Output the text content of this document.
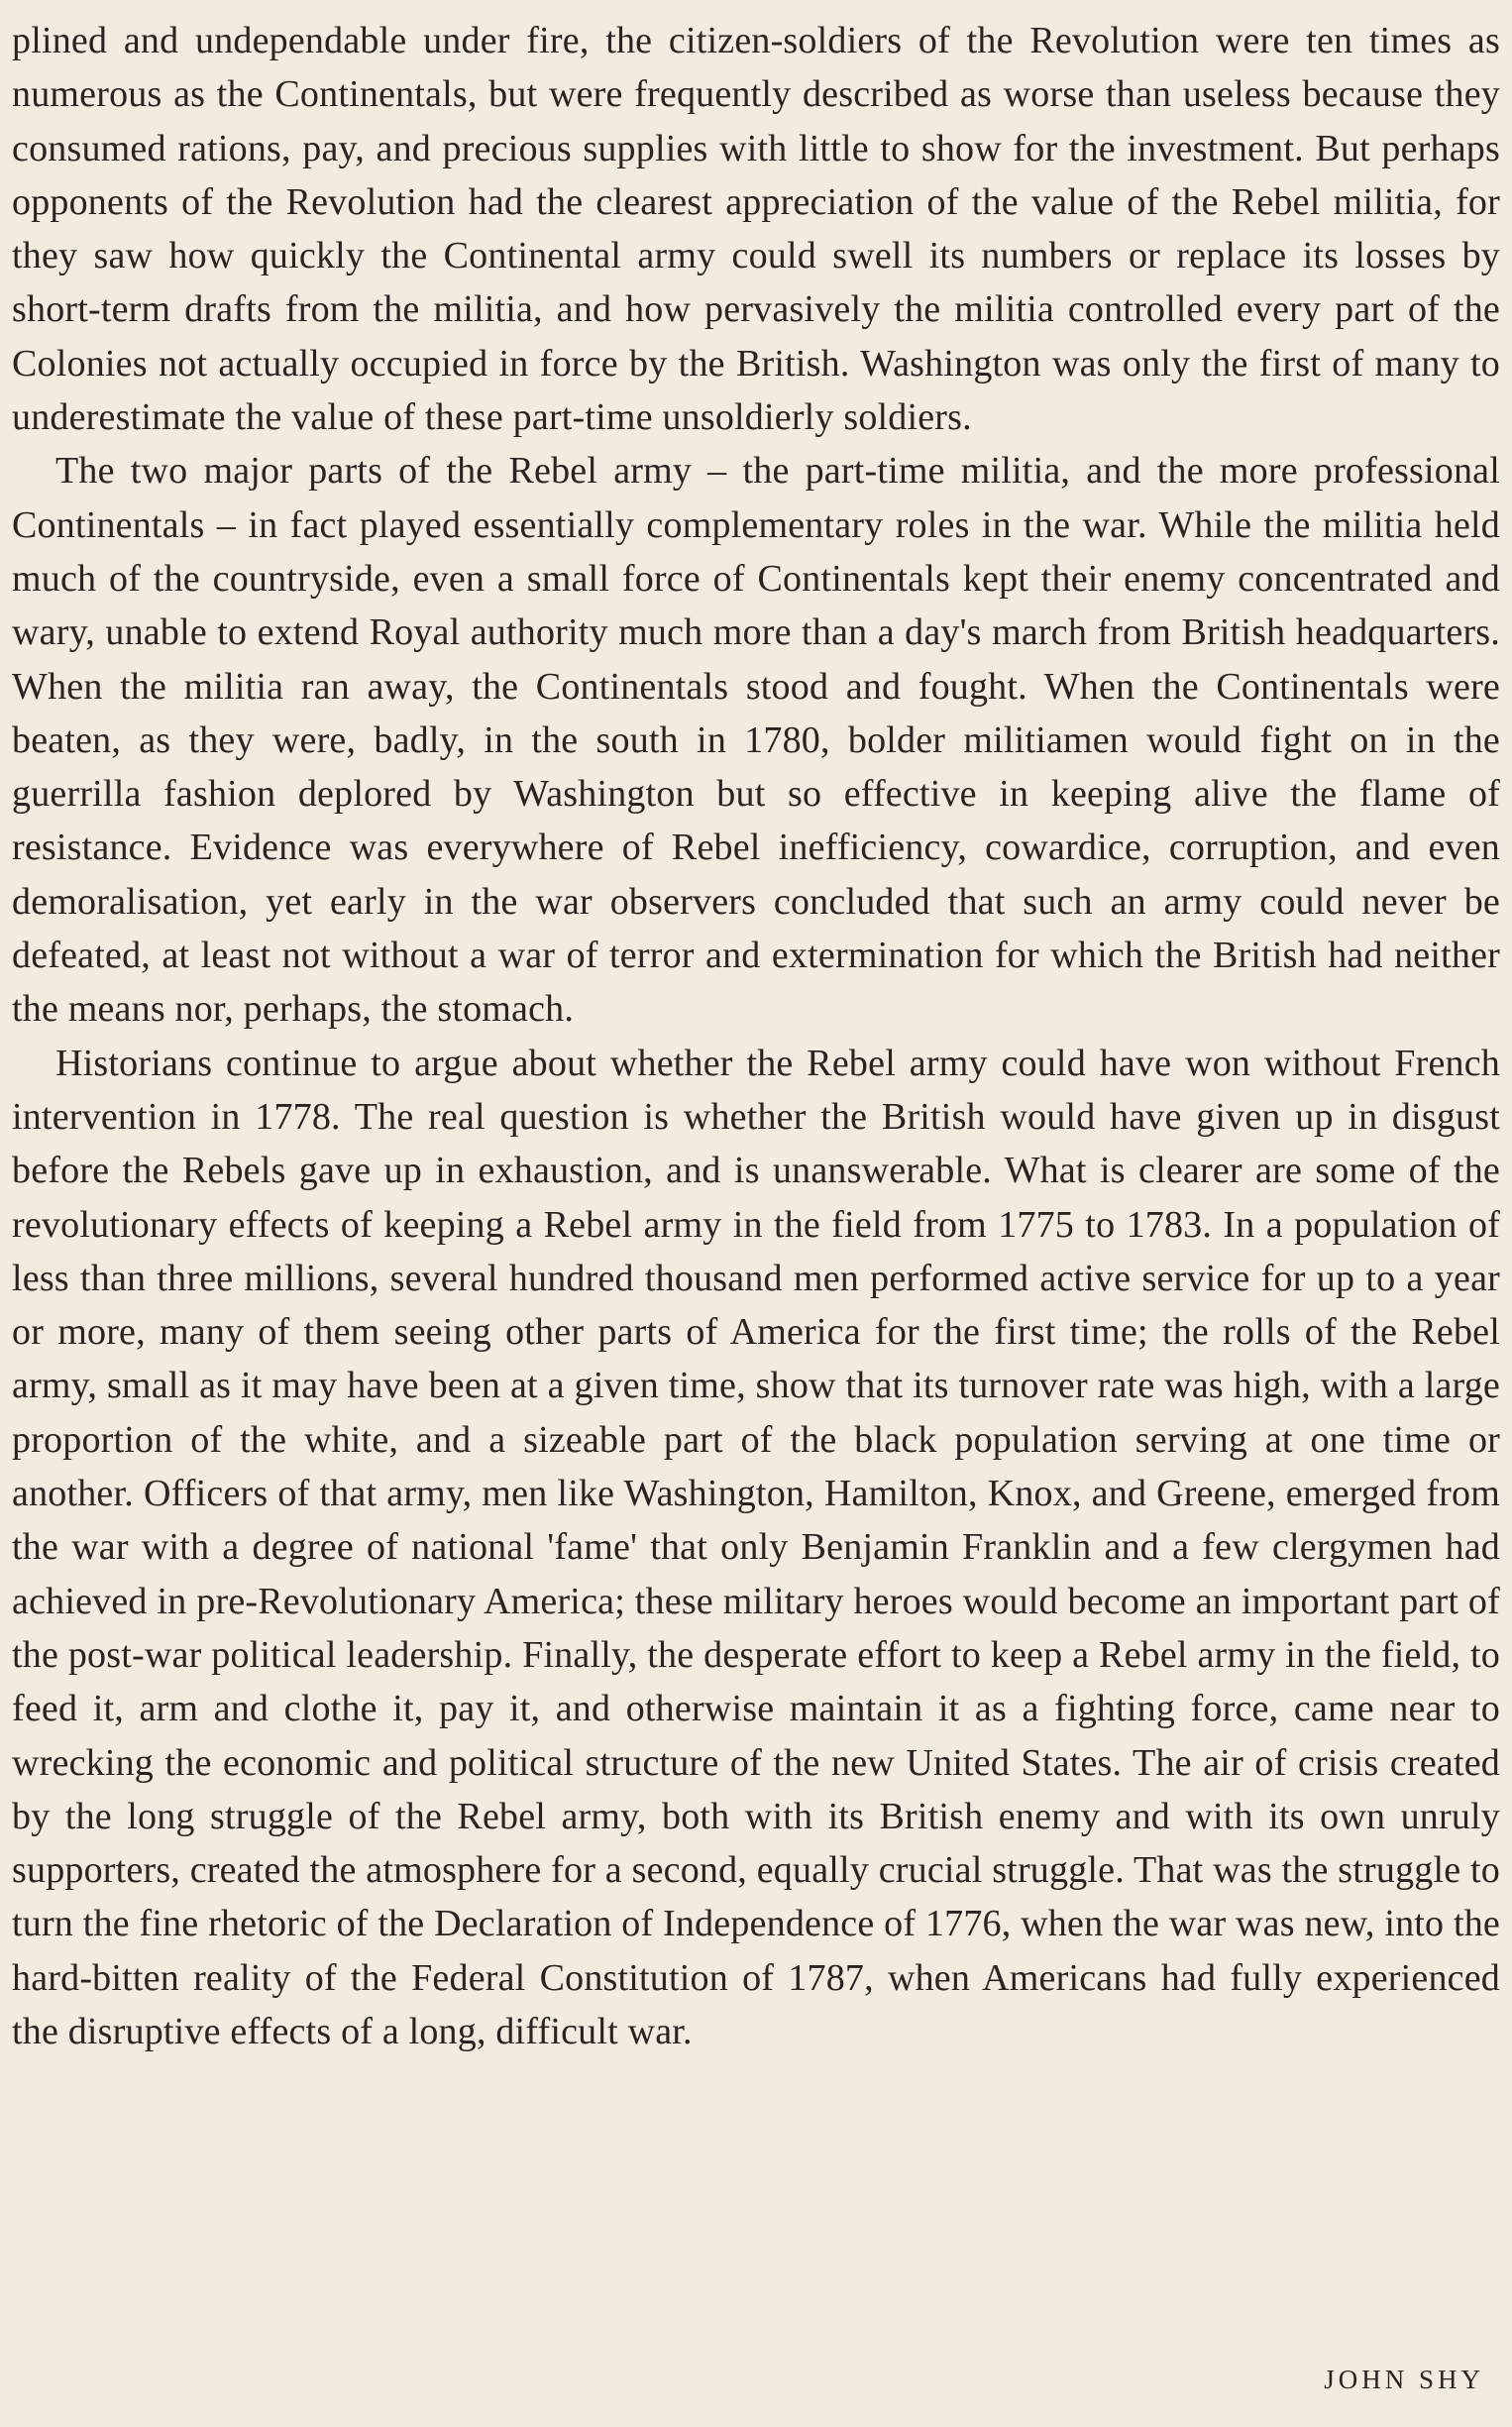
plined and undependable under fire, the citizen-soldiers of the Revolution were ten times as numerous as the Continentals, but were frequently described as worse than useless because they consumed rations, pay, and precious supplies with little to show for the investment. But perhaps opponents of the Revolution had the clearest appreciation of the value of the Rebel militia, for they saw how quickly the Continental army could swell its numbers or replace its losses by short-term drafts from the militia, and how pervasively the militia controlled every part of the Colonies not actually occupied in force by the British. Washington was only the first of many to underestimate the value of these part-time unsoldierly soldiers.

The two major parts of the Rebel army – the part-time militia, and the more professional Continentals – in fact played essentially complementary roles in the war. While the militia held much of the countryside, even a small force of Continentals kept their enemy concentrated and wary, unable to extend Royal authority much more than a day's march from British headquarters. When the militia ran away, the Continentals stood and fought. When the Continentals were beaten, as they were, badly, in the south in 1780, bolder militiamen would fight on in the guerrilla fashion deplored by Washington but so effective in keeping alive the flame of resistance. Evidence was everywhere of Rebel inefficiency, cowardice, corruption, and even demoralisation, yet early in the war observers concluded that such an army could never be defeated, at least not without a war of terror and extermination for which the British had neither the means nor, perhaps, the stomach.

Historians continue to argue about whether the Rebel army could have won without French intervention in 1778. The real question is whether the British would have given up in disgust before the Rebels gave up in exhaustion, and is unanswerable. What is clearer are some of the revolutionary effects of keeping a Rebel army in the field from 1775 to 1783. In a population of less than three millions, several hundred thousand men performed active service for up to a year or more, many of them seeing other parts of America for the first time; the rolls of the Rebel army, small as it may have been at a given time, show that its turnover rate was high, with a large proportion of the white, and a sizeable part of the black population serving at one time or another. Officers of that army, men like Washington, Hamilton, Knox, and Greene, emerged from the war with a degree of national 'fame' that only Benjamin Franklin and a few clergymen had achieved in pre-Revolutionary America; these military heroes would become an important part of the post-war political leadership. Finally, the desperate effort to keep a Rebel army in the field, to feed it, arm and clothe it, pay it, and otherwise maintain it as a fighting force, came near to wrecking the economic and political structure of the new United States. The air of crisis created by the long struggle of the Rebel army, both with its British enemy and with its own unruly supporters, created the atmosphere for a second, equally crucial struggle. That was the struggle to turn the fine rhetoric of the Declaration of Independence of 1776, when the war was new, into the hard-bitten reality of the Federal Constitution of 1787, when Americans had fully experienced the disruptive effects of a long, difficult war.

JOHN SHY
